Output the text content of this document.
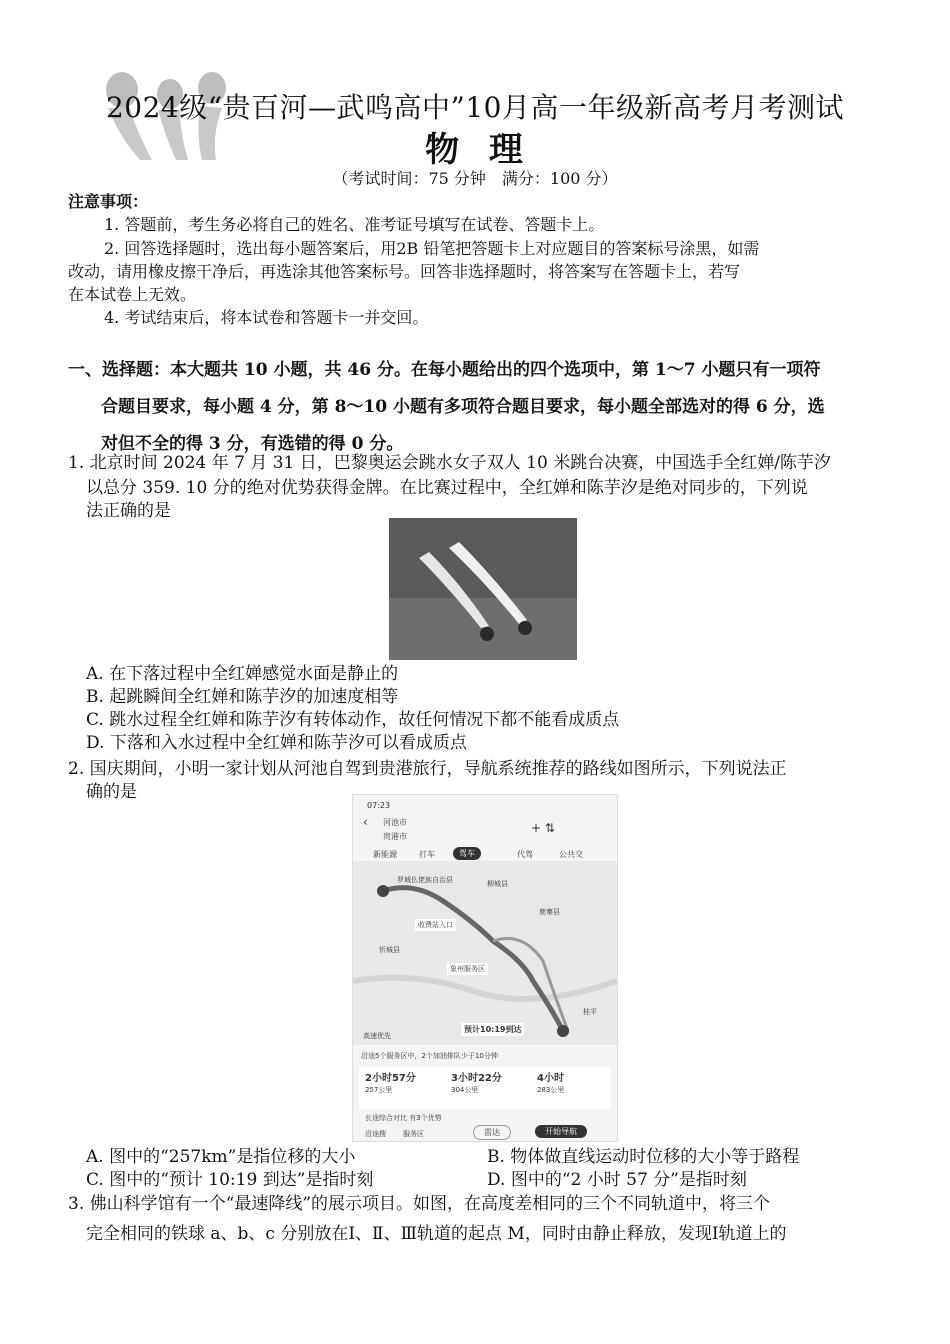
2024级“贵百河—武鸣高中”10月高一年级新高考月考测试
物  理
（考试时间：75 分钟　满分：100 分）
注意事项：
1. 答题前，考生务必将自己的姓名、准考证号填写在试卷、答题卡上。
2. 回答选择题时，选出每小题答案后，用2B 铅笔把答题卡上对应题目的答案标号涂黑，如需
改动，请用橡皮擦干净后，再选涂其他答案标号。回答非选择题时，将答案写在答题卡上，若写
在本试卷上无效。
4. 考试结束后，将本试卷和答题卡一并交回。
一、选择题：本大题共 10 小题，共 46 分。在每小题给出的四个选项中，第 1～7 小题只有一项符
合题目要求，每小题 4 分，第 8～10 小题有多项符合题目要求，每小题全部选对的得 6 分，选
对但不全的得 3 分，有选错的得 0 分。
1. 北京时间 2024 年 7 月 31 日，巴黎奥运会跳水女子双人 10 米跳台决赛，中国选手全红婵/陈芋汐
以总分 359. 10 分的绝对优势获得金牌。在比赛过程中，全红婵和陈芋汐是绝对同步的，下列说
法正确的是
A. 在下落过程中全红婵感觉水面是静止的
B. 起跳瞬间全红婵和陈芋汐的加速度相等
C. 跳水过程全红婵和陈芋汐有转体动作，故任何情况下都不能看成质点
D. 下落和入水过程中全红婵和陈芋汐可以看成质点
2. 国庆期间，小明一家计划从河池自驾到贵港旅行，导航系统推荐的路线如图所示，下列说法正
确的是
07:23
‹ 河池市
贵港市
+ ⇅
新能源	打车	驾车	代驾	公共交
罗城仫佬族自治县	柳城县
鹿寨县
忻城县
收费站入口
象州服务区
预计10:19到达
高速优先
桂平
沿途5个服务区中，2个加油排队少于10分钟
2小时57分
257公里
3小时22分
304公里
4小时
283公里
长途综合对比 有3个优势
沿途搜 服务区	雷达	开始导航
A. 图中的“257km”是指位移的大小	B. 物体做直线运动时位移的大小等于路程
C. 图中的“预计 10:19 到达”是指时刻	D. 图中的“2 小时 57 分”是指时刻
3. 佛山科学馆有一个“最速降线”的展示项目。如图，在高度差相同的三个不同轨道中，将三个
完全相同的铁球 a、b、c 分别放在Ⅰ、Ⅱ、Ⅲ轨道的起点 M，同时由静止释放，发现Ⅰ轨道上的
